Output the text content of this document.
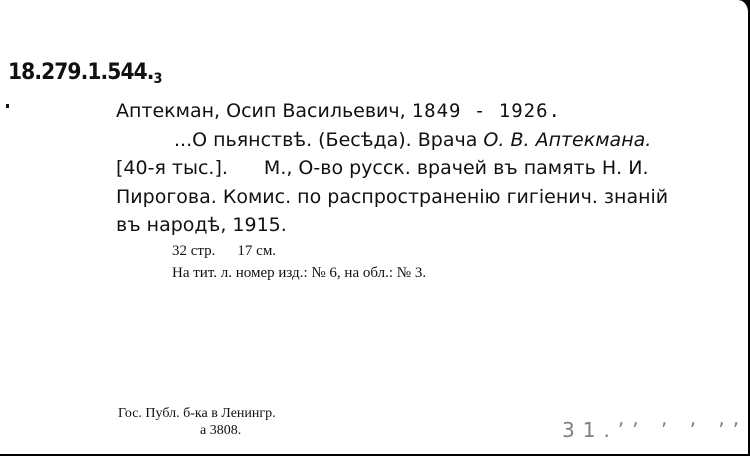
$18.279.1.544._3$
Аптекман, Осип Васильевич, 1849 - 1926.
...О пьянствѣ. (Бесѣда). Врача О. В. Аптекмана.
[40-я тыс.]. М., О-во русск. врачей въ память Н. И.
Пирогова. Комис. по распространенію гигіенич. знаній
въ народѣ, 1915.
32 стр. 17 см.
На тит. л. номер изд.: № 6, на обл.: № 3.
Гос. Публ. б-ка в Ленингр.
а 3808.	31.ʼʼ ʼ ʼ ʼʼ
